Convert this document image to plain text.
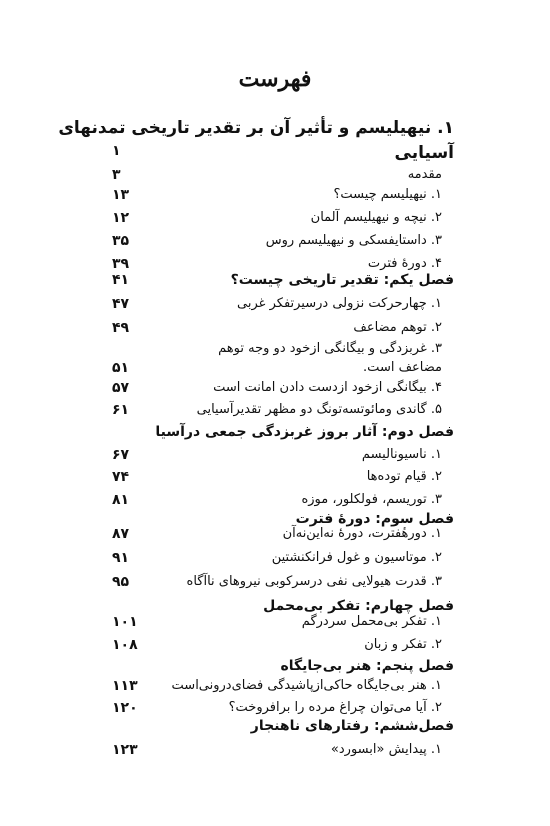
فهرست
۱. نیهیلیسم و تأثیر آن بر تقدیر تاریخی تمدنهای
آسیایی
۱
مقدمه
۳
۱. نیهیلیسم چیست؟
۱۳
۲. نیچه و نیهیلیسم آلمان
۱۲
۳. داستایفسکی و نیهیلیسم روس
۳۵
۴. دورهٔ فترت
۳۹
فصل یکم: تقدیر تاریخی چیست؟
۴۱
۱. چهارحرکت نزولی درسیرتفکر غربی
۴۷
۲. توهم مضاعف
۴۹
۳. غربزدگی و بیگانگی ازخود دو وجه توهم
مضاعف است.
۵۱
۴. بیگانگی ازخود ازدست دادن امانت است
۵۷
۵. گاندی ومائوتسه‌تونگ دو مظهر تقدیرآسیایی
۶۱
فصل دوم: آثار بروز غربزدگی جمعی درآسیا
۱. ناسیونالیسم
۶۷
۲. قیام توده‌ها
۷۴
۳. توریسم، فولکلور، موزه
۸۱
فصل سوم: دورهٔ فترت
۱. دورهٔفترت، دورهٔ نه‌این‌نه‌آن
۸۷
۲. موتاسیون و غول فرانکنشتین
۹۱
۳. قدرت هیولایی نفی درسرکوبی نیروهای ناآگاه
۹۵
فصل چهارم: تفکر بی‌محمل
۱. تفکر بی‌محمل سردرگم
۱۰۱
۲. تفکر و زبان
۱۰۸
فصل پنجم: هنر بی‌جایگاه
۱. هنر بی‌جایگاه حاکی‌ازپاشیدگی فضای‌درونی‌است
۱۱۳
۲. آیا می‌توان چراغ مرده را برافروخت؟
۱۲۰
فصل‌ششم: رفتارهای ناهنجار
۱. پیدایش «ابسورد»
۱۲۳
